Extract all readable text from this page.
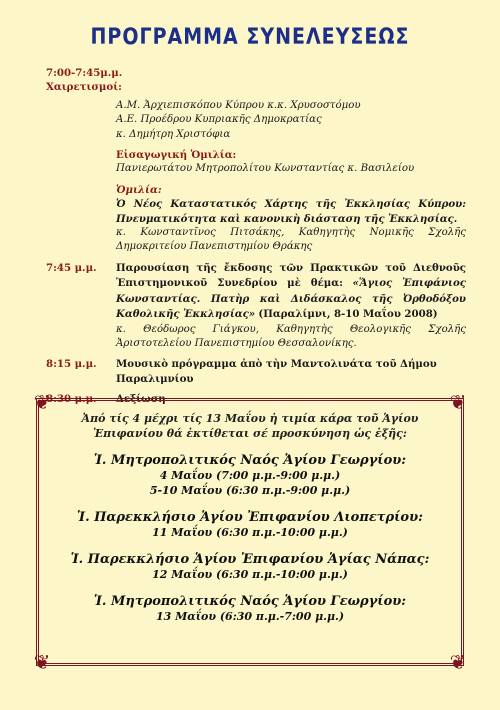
ΠΡΟΓΡΑΜΜΑ ΣΥΝΕΛΕΥΣΕΩΣ
7:00-7:45μ.μ. Χαιρετισμοί:
Α.Μ. Ἀρχιεπισκόπου Κύπρου κ.κ. Χρυσοστόμου
Α.Ε. Προέδρου Κυπριακῆς Δημοκρατίας
κ. Δημήτρη Χριστόφια
Εἰσαγωγική Ὁμιλία:
Πανιερωτάτου Μητροπολίτου Κωνσταντίας κ. Βασιλείου
Ὁμιλία:
Ὁ Νέος Καταστατικός Χάρτης τῆς Ἐκκλησίας Κύπρου: Πνευματικότητα καὶ κανονικὴ διάσταση τῆς Ἐκκλησίας.
κ. Κωνσταντῖνος Πιτσάκης, Καθηγητὴς Νομικῆς Σχολῆς Δημοκριτείου Πανεπιστημίου Θράκης
7:45 μ.μ.	Παρουσίαση τῆς ἔκδοσης τῶν Πρακτικῶν τοῦ Διεθνοῦς Ἐπιστημονικοῦ Συνεδρίου μὲ θέμα: «Ἅγιος Ἐπιφάνιος Κωνσταντίας. Πατὴρ καὶ Διδάσκαλος τῆς Ὀρθοδόξου Καθολικῆς Ἐκκλησίας» (Παραλίμνι, 8-10 Μαΐου 2008)
κ. Θεόδωρος Γιάγκου, Καθηγητὴς Θεολογικῆς Σχολῆς Ἀριστοτελείου Πανεπιστημίου Θεσσαλονίκης.
8:15 μ.μ.	Μουσικὸ πρόγραμμα ἀπὸ τὴν Μαντολινάτα τοῦ Δήμου Παραλιμνίου
8:30 μ.μ.	Δεξίωση
❦	❦
❦	❦
Ἀπό τίς 4 μέχρι τίς 13 Μαΐου ἡ τιμία κάρα τοῦ Ἁγίου Ἐπιφανίου θά ἐκτίθεται σέ προσκύνηση ὡς ἑξῆς:
Ἱ. Μητροπολιτικός Ναός Ἁγίου Γεωργίου:
4 Μαΐου (7:00 μ.μ.-9:00 μ.μ.)
5-10 Μαΐου (6:30 π.μ.-9:00 μ.μ.)
Ἱ. Παρεκκλήσιο Ἁγίου Ἐπιφανίου Λιοπετρίου:
11 Μαΐου (6:30 π.μ.-10:00 μ.μ.)
Ἱ. Παρεκκλήσιο Ἁγίου Ἐπιφανίου Ἁγίας Νάπας:
12 Μαΐου (6:30 π.μ.-10:00 μ.μ.)
Ἱ. Μητροπολιτικός Ναός Ἁγίου Γεωργίου:
13 Μαΐου (6:30 π.μ.-7:00 μ.μ.)
